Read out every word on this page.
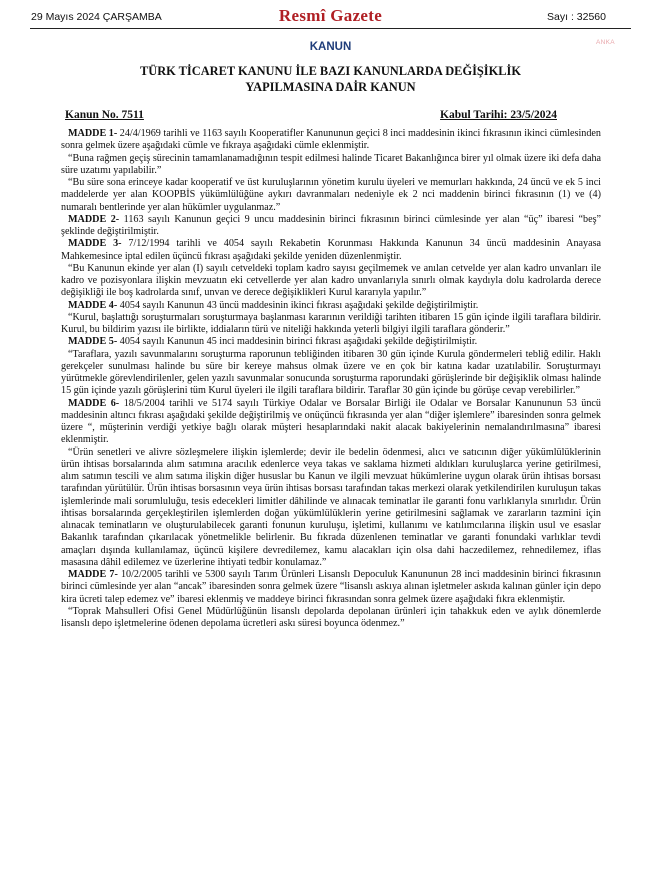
29 Mayıs 2024 ÇARŞAMBA	Resmî Gazete	Sayı : 32560
ANKA
KANUN
TÜRK TİCARET KANUNU İLE BAZI KANUNLARDA DEĞİŞİKLİK YAPILMASINA DAİR KANUN
Kanun No. 7511	Kabul Tarihi: 23/5/2024

MADDE 1- 24/4/1969 tarihli ve 1163 sayılı Kooperatifler Kanununun geçici 8 inci maddesinin ikinci fıkrasının ikinci cümlesinden sonra gelmek üzere aşağıdaki cümle ve fıkraya aşağıdaki cümle eklenmiştir.

“Buna rağmen geçiş sürecinin tamamlanamadığının tespit edilmesi halinde Ticaret Bakanlığınca birer yıl olmak üzere iki defa daha süre uzatımı yapılabilir.”

“Bu süre sona erinceye kadar kooperatif ve üst kuruluşlarının yönetim kurulu üyeleri ve memurları hakkında, 24 üncü ve ek 5 inci maddelerde yer alan KOOPBİS yükümlülüğüne aykırı davranmaları nedeniyle ek 2 nci maddenin birinci fıkrasının (1) ve (4) numaralı bentlerinde yer alan hükümler uygulanmaz.”

MADDE 2- 1163 sayılı Kanunun geçici 9 uncu maddesinin birinci fıkrasının birinci cümlesinde yer alan “üç” ibaresi “beş” şeklinde değiştirilmiştir.

MADDE 3- 7/12/1994 tarihli ve 4054 sayılı Rekabetin Korunması Hakkında Kanunun 34 üncü maddesinin Anayasa Mahkemesince iptal edilen üçüncü fıkrası aşağıdaki şekilde yeniden düzenlenmiştir.

“Bu Kanunun ekinde yer alan (I) sayılı cetveldeki toplam kadro sayısı geçilmemek ve anılan cetvelde yer alan kadro unvanları ile kadro ve pozisyonlara ilişkin mevzuatın eki cetvellerde yer alan kadro unvanlarıyla sınırlı olmak kaydıyla dolu kadrolarda derece değişikliği ile boş kadrolarda sınıf, unvan ve derece değişiklikleri Kurul kararıyla yapılır.”

MADDE 4- 4054 sayılı Kanunun 43 üncü maddesinin ikinci fıkrası aşağıdaki şekilde değiştirilmiştir.

“Kurul, başlattığı soruşturmaları soruşturmaya başlanması kararının verildiği tarihten itibaren 15 gün içinde ilgili taraflara bildirir. Kurul, bu bildirim yazısı ile birlikte, iddiaların türü ve niteliği hakkında yeterli bilgiyi ilgili taraflara gönderir.”

MADDE 5- 4054 sayılı Kanunun 45 inci maddesinin birinci fıkrası aşağıdaki şekilde değiştirilmiştir.

“Taraflara, yazılı savunmalarını soruşturma raporunun tebliğinden itibaren 30 gün içinde Kurula göndermeleri tebliğ edilir. Haklı gerekçeler sunulması halinde bu süre bir kereye mahsus olmak üzere ve en çok bir katına kadar uzatılabilir. Soruşturmayı yürütmekle görevlendirilenler, gelen yazılı savunmalar sonucunda soruşturma raporundaki görüşlerinde bir değişiklik olması halinde 15 gün içinde yazılı görüşlerini tüm Kurul üyeleri ile ilgili taraflara bildirir. Taraflar 30 gün içinde bu görüşe cevap verebilirler.”

MADDE 6- 18/5/2004 tarihli ve 5174 sayılı Türkiye Odalar ve Borsalar Birliği ile Odalar ve Borsalar Kanununun 53 üncü maddesinin altıncı fıkrası aşağıdaki şekilde değiştirilmiş ve onüçüncü fıkrasında yer alan “diğer işlemlere” ibaresinden sonra gelmek üzere “, müşterinin verdiği yetkiye bağlı olarak müşteri hesaplarındaki nakit alacak bakiyelerinin nemalandırılmasına” ibaresi eklenmiştir.

“Ürün senetleri ve alivre sözleşmelere ilişkin işlemlerde; devir ile bedelin ödenmesi, alıcı ve satıcının diğer yükümlülüklerinin ürün ihtisas borsalarında alım satımına aracılık edenlerce veya takas ve saklama hizmeti aldıkları kuruluşlarca yerine getirilmesi, alım satımın tescili ve alım satıma ilişkin diğer hususlar bu Kanun ve ilgili mevzuat hükümlerine uygun olarak ürün ihtisas borsası tarafından yürütülür. Ürün ihtisas borsasının veya ürün ihtisas borsası tarafından takas merkezi olarak yetkilendirilen kuruluşun takas işlemlerinde mali sorumluluğu, tesis edecekleri limitler dâhilinde ve alınacak teminatlar ile garanti fonu varlıklarıyla sınırlıdır. Ürün ihtisas borsalarında gerçekleştirilen işlemlerden doğan yükümlülüklerin yerine getirilmesini sağlamak ve zararların tazmini için alınacak teminatların ve oluşturulabilecek garanti fonunun kuruluşu, işletimi, kullanımı ve katılımcılarına ilişkin usul ve esaslar Bakanlık tarafından çıkarılacak yönetmelikle belirlenir. Bu fıkrada düzenlenen teminatlar ve garanti fonundaki varlıklar tevdi amaçları dışında kullanılamaz, üçüncü kişilere devredilemez, kamu alacakları için olsa dahi haczedilemez, rehnedilemez, iflas masasına dâhil edilemez ve üzerlerine ihtiyati tedbir konulamaz.”

MADDE 7- 10/2/2005 tarihli ve 5300 sayılı Tarım Ürünleri Lisanslı Depoculuk Kanununun 28 inci maddesinin birinci fıkrasının birinci cümlesinde yer alan “ancak” ibaresinden sonra gelmek üzere “lisanslı askıya alınan işletmeler askıda kalınan günler için depo kira ücreti talep edemez ve” ibaresi eklenmiş ve maddeye birinci fıkrasından sonra gelmek üzere aşağıdaki fıkra eklenmiştir.

“Toprak Mahsulleri Ofisi Genel Müdürlüğünün lisanslı depolarda depolanan ürünleri için tahakkuk eden ve aylık dönemlerde lisanslı depo işletmelerine ödenen depolama ücretleri askı süresi boyunca ödenmez.”
